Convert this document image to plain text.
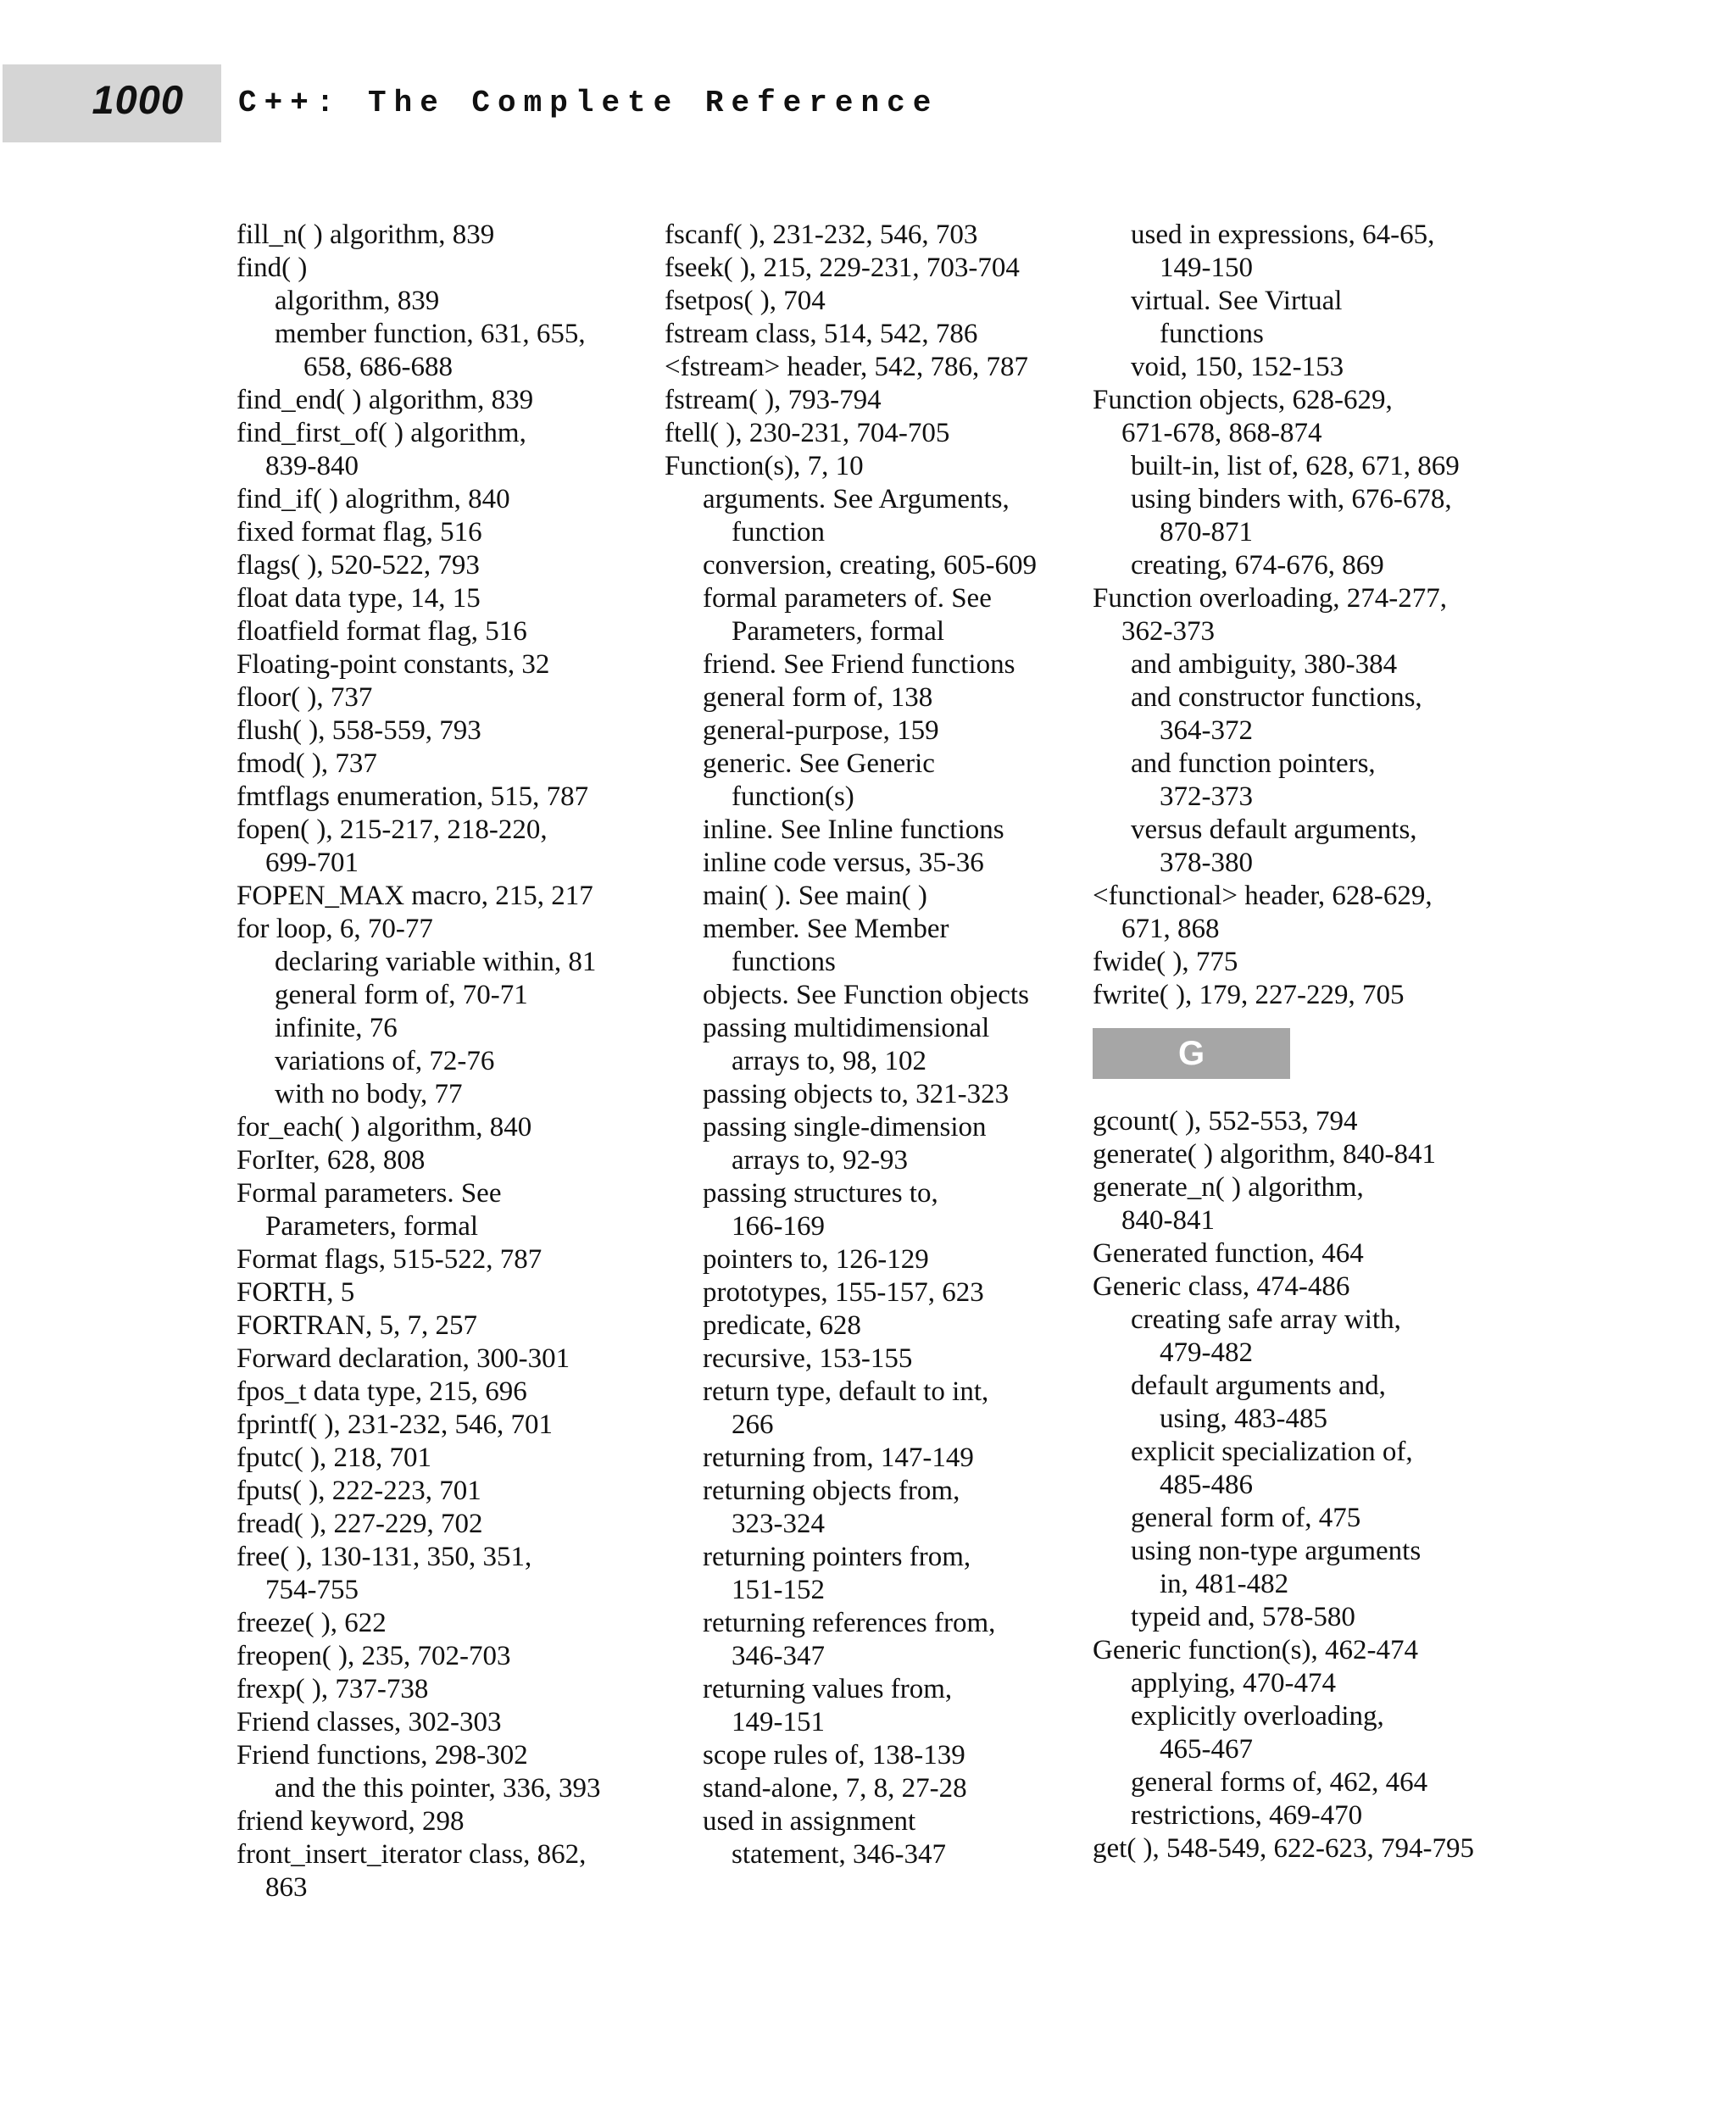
1000 C++: The Complete Reference
fill_n( ) algorithm, 839
find( )
algorithm, 839
member function, 631, 655,
658, 686-688
find_end( ) algorithm, 839
find_first_of( ) algorithm,
839-840
find_if( ) alogrithm, 840
fixed format flag, 516
flags( ), 520-522, 793
float data type, 14, 15
floatfield format flag, 516
Floating-point constants, 32
floor( ), 737
flush( ), 558-559, 793
fmod( ), 737
fmtflags enumeration, 515, 787
fopen( ), 215-217, 218-220,
699-701
FOPEN_MAX macro, 215, 217
for loop, 6, 70-77
declaring variable within, 81
general form of, 70-71
infinite, 76
variations of, 72-76
with no body, 77
for_each( ) algorithm, 840
ForIter, 628, 808
Formal parameters. See
Parameters, formal
Format flags, 515-522, 787
FORTH, 5
FORTRAN, 5, 7, 257
Forward declaration, 300-301
fpos_t data type, 215, 696
fprintf( ), 231-232, 546, 701
fputc( ), 218, 701
fputs( ), 222-223, 701
fread( ), 227-229, 702
free( ), 130-131, 350, 351,
754-755
freeze( ), 622
freopen( ), 235, 702-703
frexp( ), 737-738
Friend classes, 302-303
Friend functions, 298-302
and the this pointer, 336, 393
friend keyword, 298
front_insert_iterator class, 862,
863
fscanf( ), 231-232, 546, 703
fseek( ), 215, 229-231, 703-704
fsetpos( ), 704
fstream class, 514, 542, 786
<fstream> header, 542, 786, 787
fstream( ), 793-794
ftell( ), 230-231, 704-705
Function(s), 7, 10
arguments. See Arguments,
function
conversion, creating, 605-609
formal parameters of. See
Parameters, formal
friend. See Friend functions
general form of, 138
general-purpose, 159
generic. See Generic
function(s)
inline. See Inline functions
inline code versus, 35-36
main( ). See main( )
member. See Member
functions
objects. See Function objects
passing multidimensional
arrays to, 98, 102
passing objects to, 321-323
passing single-dimension
arrays to, 92-93
passing structures to,
166-169
pointers to, 126-129
prototypes, 155-157, 623
predicate, 628
recursive, 153-155
return type, default to int,
266
returning from, 147-149
returning objects from,
323-324
returning pointers from,
151-152
returning references from,
346-347
returning values from,
149-151
scope rules of, 138-139
stand-alone, 7, 8, 27-28
used in assignment
statement, 346-347
used in expressions, 64-65,
149-150
virtual. See Virtual
functions
void, 150, 152-153
Function objects, 628-629,
671-678, 868-874
built-in, list of, 628, 671, 869
using binders with, 676-678,
870-871
creating, 674-676, 869
Function overloading, 274-277,
362-373
and ambiguity, 380-384
and constructor functions,
364-372
and function pointers,
372-373
versus default arguments,
378-380
<functional> header, 628-629,
671, 868
fwide( ), 775
fwrite( ), 179, 227-229, 705
G
gcount( ), 552-553, 794
generate( ) algorithm, 840-841
generate_n( ) algorithm,
840-841
Generated function, 464
Generic class, 474-486
creating safe array with,
479-482
default arguments and,
using, 483-485
explicit specialization of,
485-486
general form of, 475
using non-type arguments
in, 481-482
typeid and, 578-580
Generic function(s), 462-474
applying, 470-474
explicitly overloading,
465-467
general forms of, 462, 464
restrictions, 469-470
get( ), 548-549, 622-623, 794-795
